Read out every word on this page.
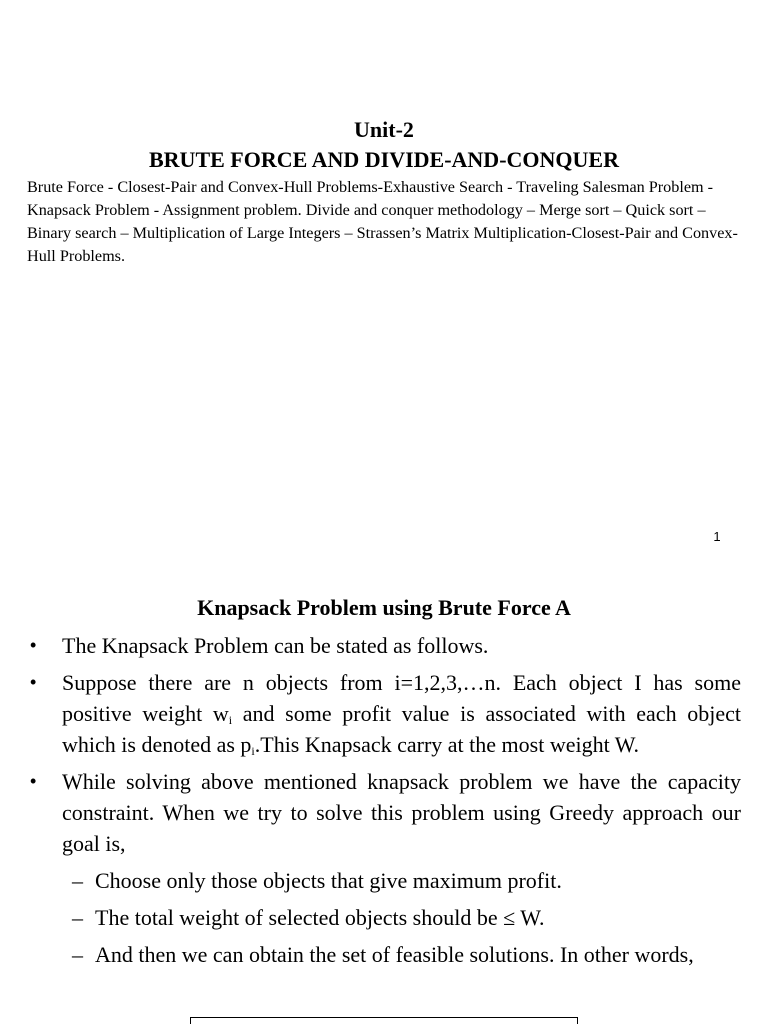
Unit-2
BRUTE FORCE AND DIVIDE-AND-CONQUER
Brute Force - Closest-Pair and Convex-Hull Problems-Exhaustive Search - Traveling Salesman Problem - Knapsack Problem - Assignment problem. Divide and conquer methodology – Merge sort – Quick sort – Binary search – Multiplication of Large Integers – Strassen’s Matrix Multiplication-Closest-Pair and Convex-Hull Problems.
1
Knapsack Problem using Brute Force A
• The Knapsack Problem can be stated as follows.
• Suppose there are n objects from i=1,2,3,…n. Each object I has some positive weight $w_i$ and some profit value is associated with each object which is denoted as $p_i.This$ Knapsack carry at the most weight W.
• While solving above mentioned knapsack problem we have the capacity constraint. When we try to solve this problem using Greedy approach our goal is,
– Choose only those objects that give maximum profit.
– The total weight of selected objects should be ≤ W.
– And then we can obtain the set of feasible solutions. In other words,
